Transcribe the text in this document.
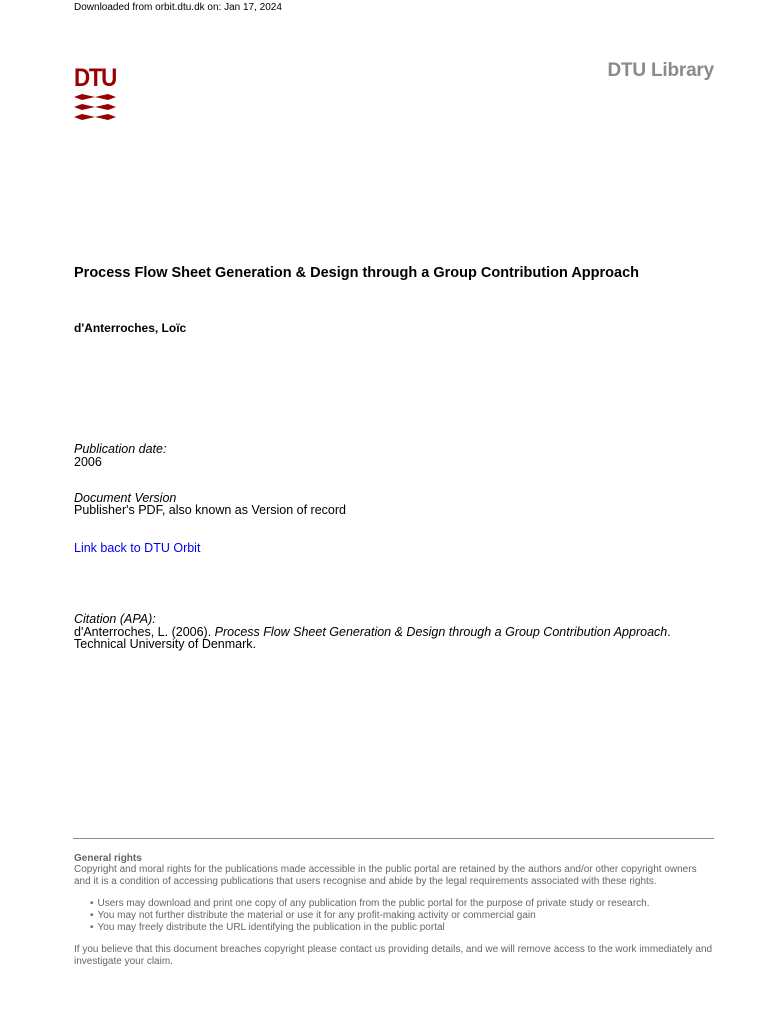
Downloaded from orbit.dtu.dk on: Jan 17, 2024
DTU	DTU Library
Process Flow Sheet Generation & Design through a Group Contribution Approach
d'Anterroches, Loïc
Publication date:
2006
Document Version
Publisher's PDF, also known as Version of record
Link back to DTU Orbit
Citation (APA):
d'Anterroches, L. (2006). Process Flow Sheet Generation & Design through a Group Contribution Approach.
Technical University of Denmark.
General rights
Copyright and moral rights for the publications made accessible in the public portal are retained by the authors and/or other copyright owners and it is a condition of accessing publications that users recognise and abide by the legal requirements associated with these rights.
• Users may download and print one copy of any publication from the public portal for the purpose of private study or research.
• You may not further distribute the material or use it for any profit-making activity or commercial gain
• You may freely distribute the URL identifying the publication in the public portal
If you believe that this document breaches copyright please contact us providing details, and we will remove access to the work immediately and investigate your claim.
